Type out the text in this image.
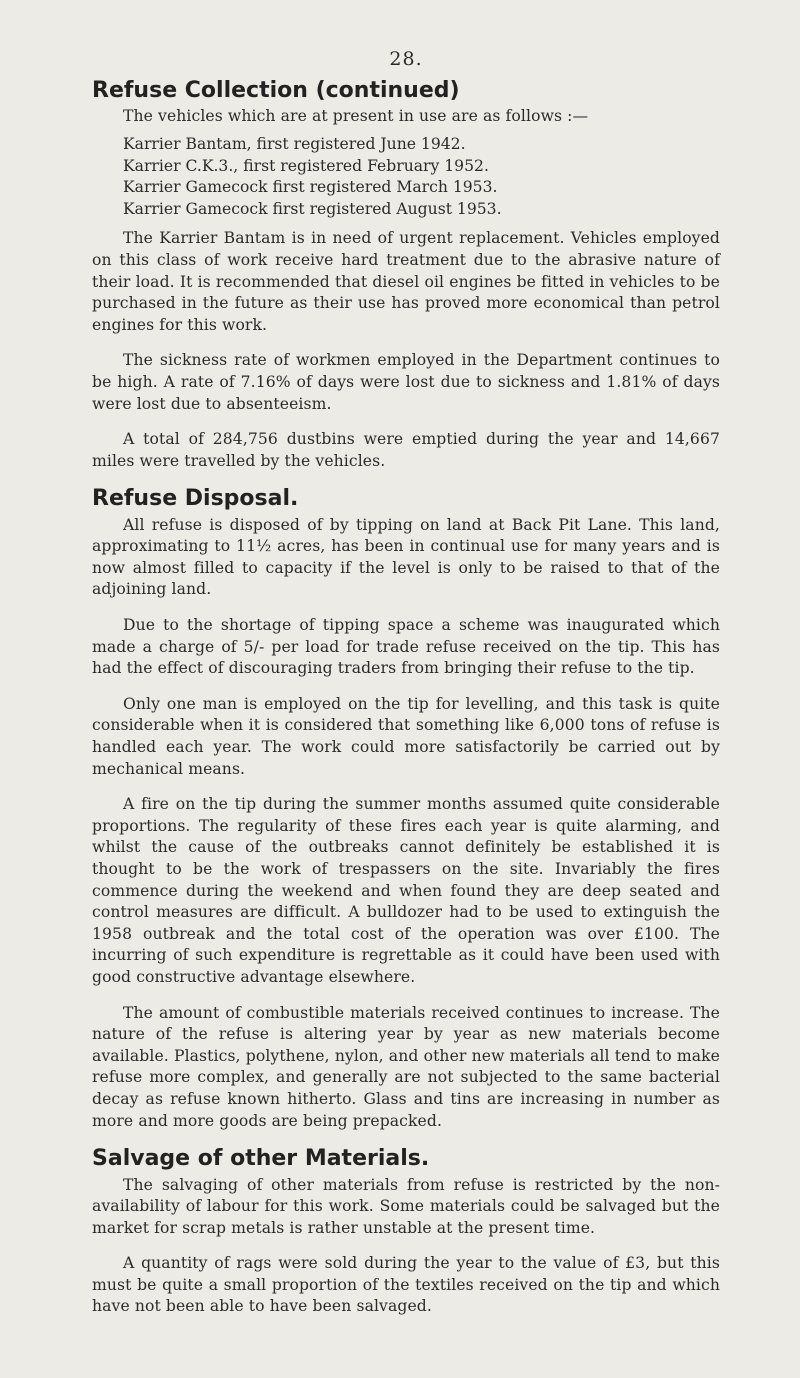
28.
Refuse Collection (continued)

The vehicles which are at present in use are as follows :—

Karrier Bantam, first registered June 1942.
Karrier C.K.3., first registered February 1952.
Karrier Gamecock first registered March 1953.
Karrier Gamecock first registered August 1953.

The Karrier Bantam is in need of urgent replacement. Vehicles employed on this class of work receive hard treatment due to the abrasive nature of their load. It is recommended that diesel oil engines be fitted in vehicles to be purchased in the future as their use has proved more economical than petrol engines for this work.

The sickness rate of workmen employed in the Department continues to be high. A rate of 7.16% of days were lost due to sickness and 1.81% of days were lost due to absenteeism.

A total of 284,756 dustbins were emptied during the year and 14,667 miles were travelled by the vehicles.

Refuse Disposal.

All refuse is disposed of by tipping on land at Back Pit Lane. This land, approximating to 11½ acres, has been in continual use for many years and is now almost filled to capacity if the level is only to be raised to that of the adjoining land.

Due to the shortage of tipping space a scheme was inaugurated which made a charge of 5/- per load for trade refuse received on the tip. This has had the effect of discouraging traders from bringing their refuse to the tip.

Only one man is employed on the tip for levelling, and this task is quite considerable when it is considered that something like 6,000 tons of refuse is handled each year. The work could more satisfactorily be carried out by mechanical means.

A fire on the tip during the summer months assumed quite considerable proportions. The regularity of these fires each year is quite alarming, and whilst the cause of the outbreaks cannot definitely be established it is thought to be the work of trespassers on the site. Invariably the fires commence during the weekend and when found they are deep seated and control measures are difficult. A bulldozer had to be used to extinguish the 1958 outbreak and the total cost of the operation was over £100. The incurring of such expenditure is regrettable as it could have been used with good constructive advantage elsewhere.

The amount of combustible materials received continues to increase. The nature of the refuse is altering year by year as new materials become available. Plastics, polythene, nylon, and other new materials all tend to make refuse more complex, and generally are not subjected to the same bacterial decay as refuse known hitherto. Glass and tins are increasing in number as more and more goods are being prepacked.

Salvage of other Materials.

The salvaging of other materials from refuse is restricted by the non-availability of labour for this work. Some materials could be salvaged but the market for scrap metals is rather unstable at the present time.

A quantity of rags were sold during the year to the value of £3, but this must be quite a small proportion of the textiles received on the tip and which have not been able to have been salvaged.
